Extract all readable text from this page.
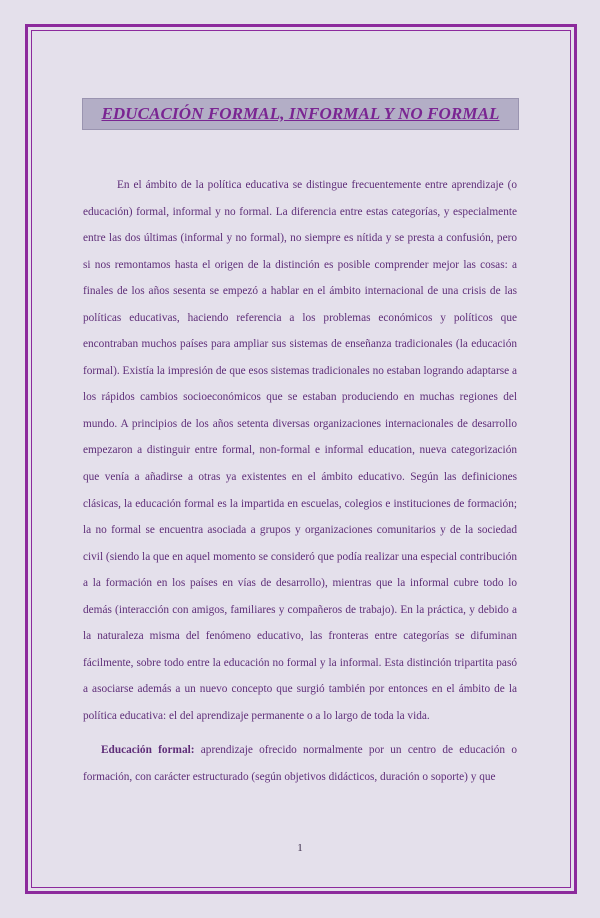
EDUCACIÓN FORMAL, INFORMAL Y NO FORMAL

En el ámbito de la política educativa se distingue frecuentemente entre aprendizaje (o educación) formal, informal y no formal. La diferencia entre estas categorías, y especialmente entre las dos últimas (informal y no formal), no siempre es nítida y se presta a confusión, pero si nos remontamos hasta el origen de la distinción es posible comprender mejor las cosas: a finales de los años sesenta se empezó a hablar en el ámbito internacional de una crisis de las políticas educativas, haciendo referencia a los problemas económicos y políticos que encontraban muchos países para ampliar sus sistemas de enseñanza tradicionales (la educación formal). Existía la impresión de que esos sistemas tradicionales no estaban logrando adaptarse a los rápidos cambios socioeconómicos que se estaban produciendo en muchas regiones del mundo. A principios de los años setenta diversas organizaciones internacionales de desarrollo empezaron a distinguir entre formal, non-formal e informal education, nueva categorización que venía a añadirse a otras ya existentes en el ámbito educativo. Según las definiciones clásicas, la educación formal es la impartida en escuelas, colegios e instituciones de formación; la no formal se encuentra asociada a grupos y organizaciones comunitarios y de la sociedad civil (siendo la que en aquel momento se consideró que podía realizar una especial contribución a la formación en los países en vías de desarrollo), mientras que la informal cubre todo lo demás (interacción con amigos, familiares y compañeros de trabajo). En la práctica, y debido a la naturaleza misma del fenómeno educativo, las fronteras entre categorías se difuminan fácilmente, sobre todo entre la educación no formal y la informal. Esta distinción tripartita pasó a asociarse además a un nuevo concepto que surgió también por entonces en el ámbito de la política educativa: el del aprendizaje permanente o a lo largo de toda la vida.

Educación formal: aprendizaje ofrecido normalmente por un centro de educación o formación, con carácter estructurado (según objetivos didácticos, duración o soporte) y que

1
